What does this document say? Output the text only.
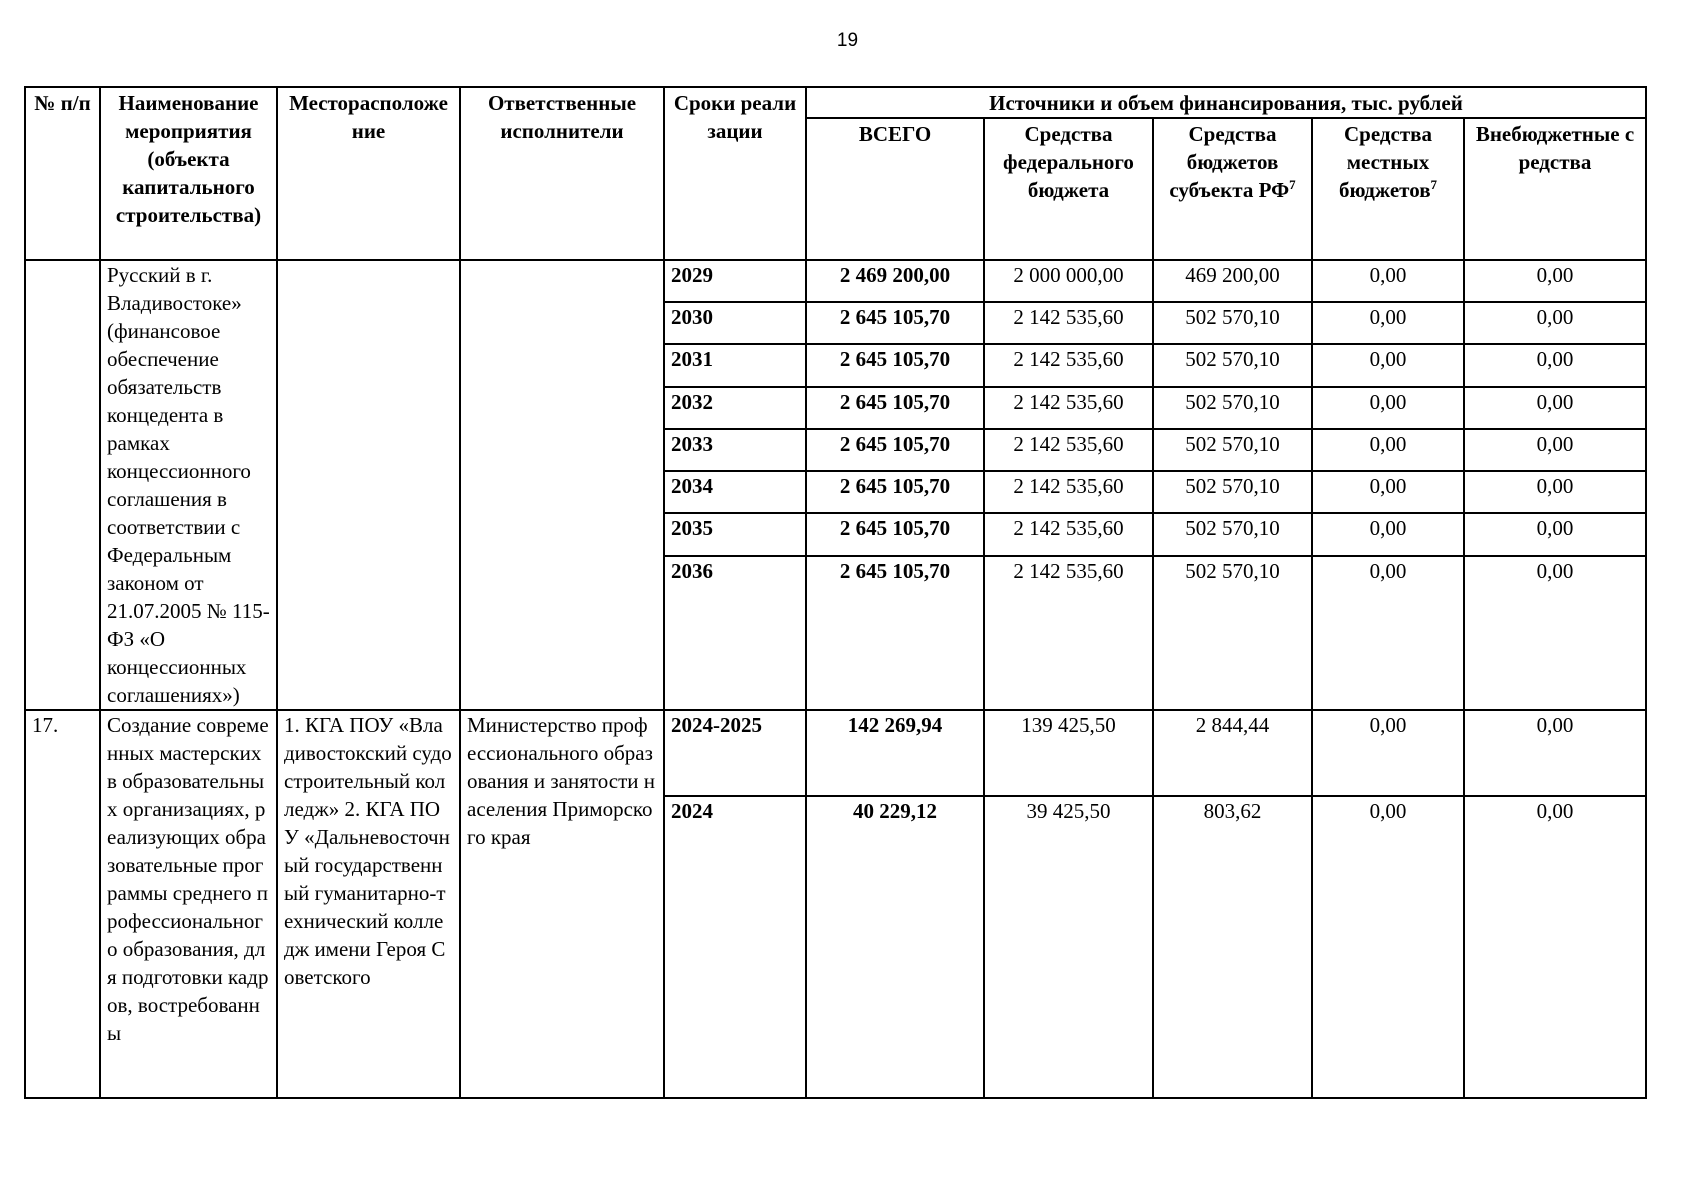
19
№ п/п	Наименование мероприятия (объекта капитального строительства)	Месторасположение	Ответственные исполнители	Сроки реализации	Источники и объем финансирования, тыс. рублей				
					ВСЕГО	Средства федерального бюджета	Средства бюджетов субъекта $РФ^7$	Средства местных бюджетов$^7$	Внебюджетные средства
	Русский в г. Владивостоке» (финансовое обеспечение обязательств концедента в рамках концессионного соглашения в соответствии с Федеральным законом от 21.07.2005 № 115-ФЗ «О концессионных соглашениях»)			2029	2 469 200,00	2 000 000,00	469 200,00	0,00	0,00
				2030	2 645 105,70	2 142 535,60	502 570,10	0,00	0,00
				2031	2 645 105,70	2 142 535,60	502 570,10	0,00	0,00
				2032	2 645 105,70	2 142 535,60	502 570,10	0,00	0,00
				2033	2 645 105,70	2 142 535,60	502 570,10	0,00	0,00
				2034	2 645 105,70	2 142 535,60	502 570,10	0,00	0,00
				2035	2 645 105,70	2 142 535,60	502 570,10	0,00	0,00
				2036	2 645 105,70	2 142 535,60	502 570,10	0,00	0,00
17.	Создание современных мастерских в образовательных организациях, реализующих образовательные программы среднего профессионального образования, для подготовки кадров, востребованны	1. КГА ПОУ «Владивостокский судостроительный колледж» 2. КГА ПОУ «Дальневосточный государственный гуманитарно-технический колледж имени Героя Советского	Министерство профессионального образования и занятости населения Приморского края	2024-2025	142 269,94	139 425,50	2 844,44	0,00	0,00
				2024	40 229,12	39 425,50	803,62	0,00	0,00
